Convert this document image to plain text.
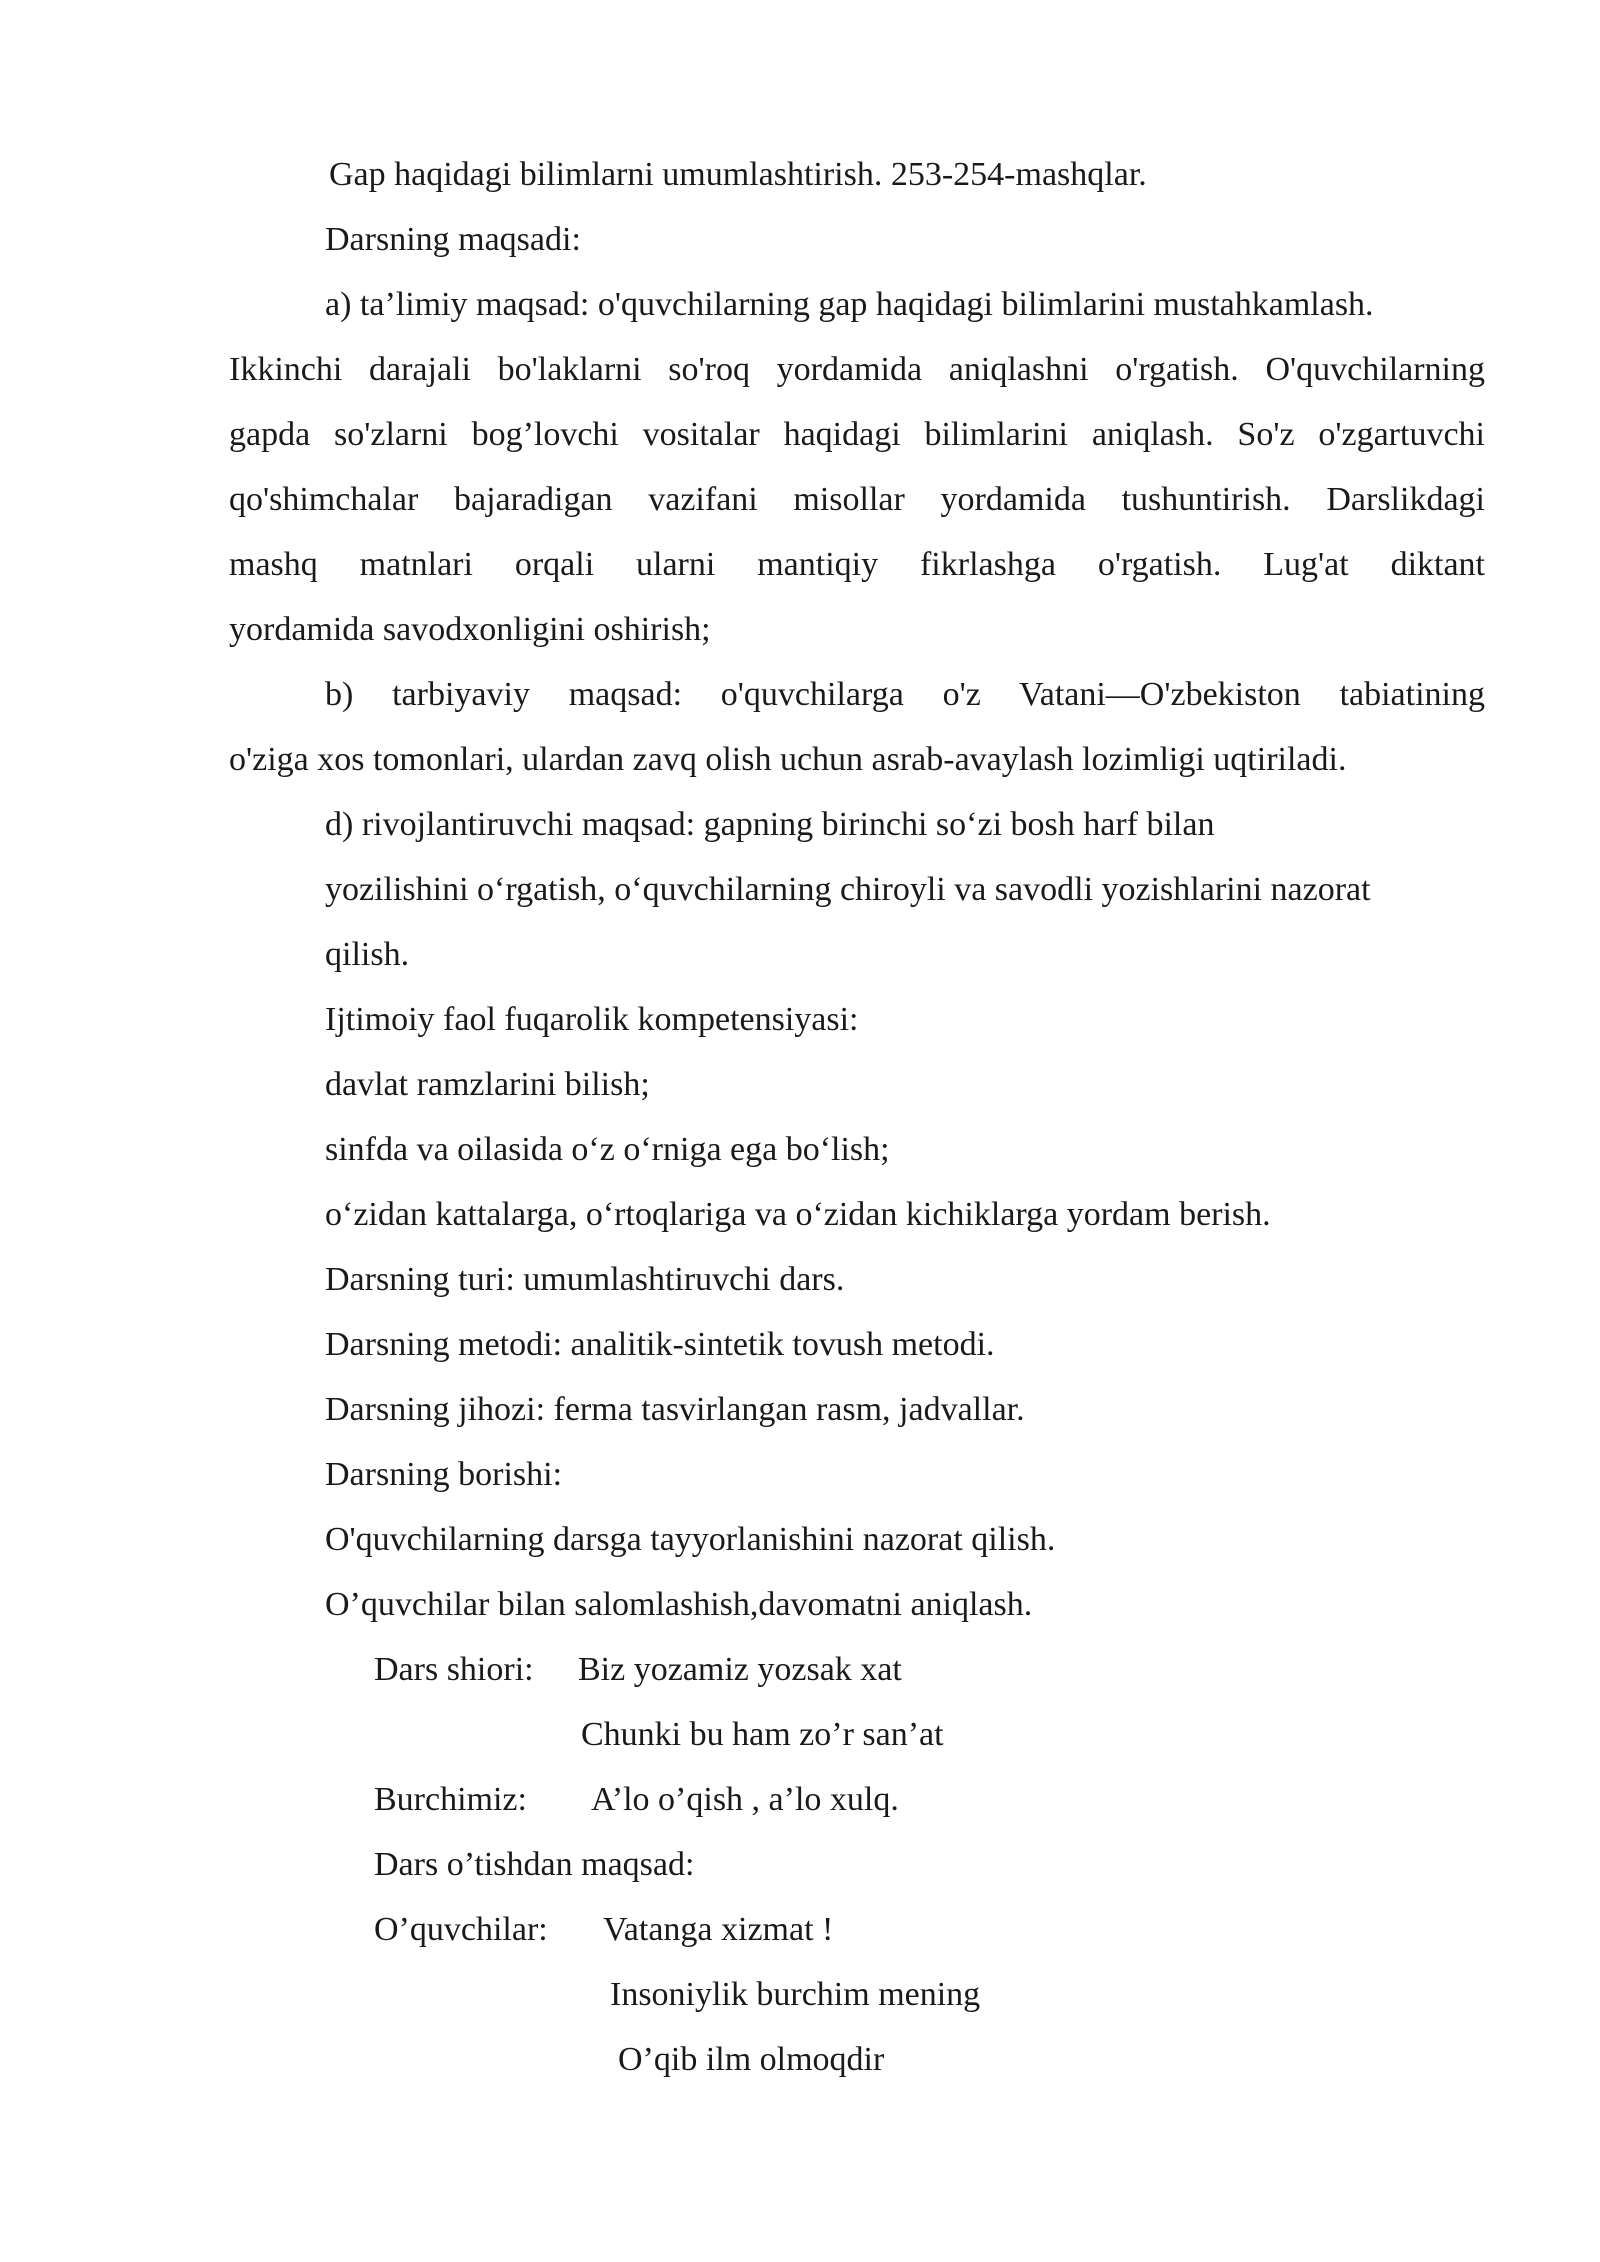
Gap haqidagi bilimlarni umumlashtirish. 253-254-mashqlar.
Darsning maqsadi:
a) ta’limiy maqsad: o'quvchilarning gap haqidagi bilimlarini mustahkamlash.
Ikkinchi darajali bo'laklarni so'roq yordamida aniqlashni o'rgatish. O'quvchilarning
gapda so'zlarni bog’lovchi vositalar haqidagi bilimlarini aniqlash. So'z o'zgartuvchi
qo'shimchalar bajaradigan vazifani misollar yordamida tushuntirish. Darslikdagi
mashq matnlari orqali ularni mantiqiy fikrlashga o'rgatish. Lug'at diktant
yordamida savodxonligini oshirish;
b) tarbiyaviy maqsad: o'quvchilarga o'z Vatani—O'zbekiston tabiatining
o'ziga xos tomonlari, ulardan zavq olish uchun asrab-avaylash lozimligi uqtiriladi.
d) rivojlantiruvchi maqsad: gapning birinchi so‘zi bosh harf bilan
yozilishini o‘rgatish, o‘quvchilarning chiroyli va savodli yozishlarini nazorat
qilish.
Ijtimoiy faol fuqarolik kompetensiyasi:
davlat ramzlarini bilish;
sinfda va oilasida o‘z o‘rniga ega bo‘lish;
o‘zidan kattalarga, o‘rtoqlariga va o‘zidan kichiklarga yordam berish.
Darsning turi: umumlashtiruvchi dars.
Darsning metodi: analitik-sintetik tovush metodi.
Darsning jihozi: ferma tasvirlangan rasm, jadvallar.
Darsning borishi:
O'quvchilarning darsga tayyorlanishini nazorat qilish.
O’quvchilar bilan salomlashish,davomatni aniqlash.
Dars shiori: Biz yozamiz yozsak xat
Chunki bu ham zo’r san’at
Burchimiz: A’lo o’qish , a’lo xulq.
Dars o’tishdan maqsad:
O’quvchilar: Vatanga xizmat !
Insoniylik burchim mening
O’qib ilm olmoqdir
